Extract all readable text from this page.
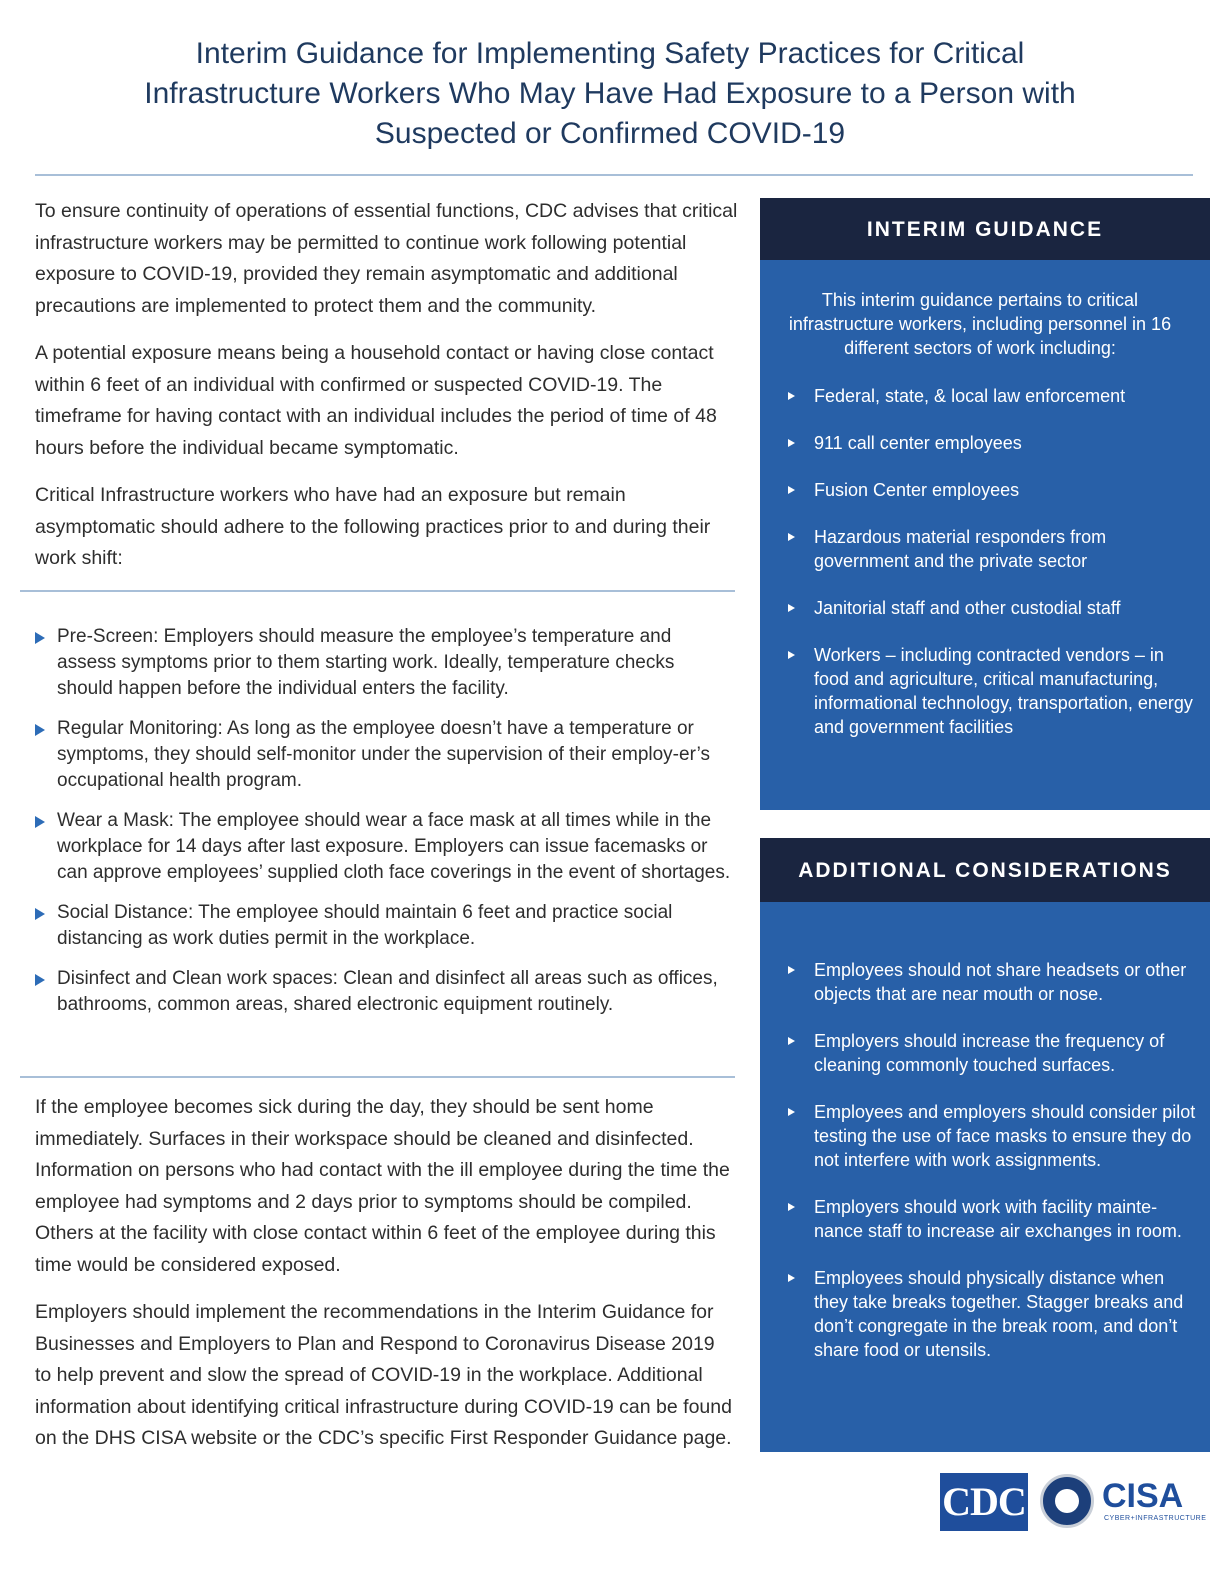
Interim Guidance for Implementing Safety Practices for Critical
Infrastructure Workers Who May Have Had Exposure to a Person with
Suspected or Confirmed COVID-19

To ensure continuity of operations of essential functions, CDC advises that critical infrastructure workers may be permitted to continue work following potential exposure to COVID-19, provided they remain asymptomatic and additional precautions are implemented to protect them and the community.

A potential exposure means being a household contact or having close contact within 6 feet of an individual with confirmed or suspected COVID-19. The timeframe for having contact with an individual includes the period of time of 48 hours before the individual became symptomatic.

Critical Infrastructure workers who have had an exposure but remain asymptomatic should adhere to the following practices prior to and during their work shift:

Pre-Screen: Employers should measure the employee’s temperature and assess symptoms prior to them starting work. Ideally, temperature checks should happen before the individual enters the facility.
Regular Monitoring: As long as the employee doesn’t have a temperature or symptoms, they should self-monitor under the supervision of their employ-er’s occupational health program.
Wear a Mask: The employee should wear a face mask at all times while in the workplace for 14 days after last exposure. Employers can issue facemasks or can approve employees’ supplied cloth face coverings in the event of shortages.
Social Distance: The employee should maintain 6 feet and practice social distancing as work duties permit in the workplace.
Disinfect and Clean work spaces: Clean and disinfect all areas such as offices, bathrooms, common areas, shared electronic equipment routinely.

If the employee becomes sick during the day, they should be sent home immediately. Surfaces in their workspace should be cleaned and disinfected. Information on persons who had contact with the ill employee during the time the employee had symptoms and 2 days prior to symptoms should be compiled. Others at the facility with close contact within 6 feet of the employee during this time would be considered exposed.

Employers should implement the recommendations in the Interim Guidance for Businesses and Employers to Plan and Respond to Coronavirus Disease 2019 to help prevent and slow the spread of COVID-19 in the workplace. Additional information about identifying critical infrastructure during COVID-19 can be found on the DHS CISA website or the CDC’s specific First Responder Guidance page.

INTERIM GUIDANCE

This interim guidance pertains to critical infrastructure workers, including personnel in 16 different sectors of work including:

Federal, state, & local law enforcement
911 call center employees
Fusion Center employees
Hazardous material responders from government and the private sector
Janitorial staff and other custodial staff
Workers – including contracted vendors – in food and agriculture, critical manufacturing, informational technology, transportation, energy and government facilities
ADDITIONAL CONSIDERATIONS
Employees should not share headsets or other objects that are near mouth or nose.
Employers should increase the frequency of cleaning commonly touched surfaces.
Employees and employers should consider pilot testing the use of face masks to ensure they do not interfere with work assignments.
Employers should work with facility mainte-nance staff to increase air exchanges in room.
Employees should physically distance when they take breaks together. Stagger breaks and don’t congregate in the break room, and don’t share food or utensils.
CDC CISA
CYBER+INFRASTRUCTURE
